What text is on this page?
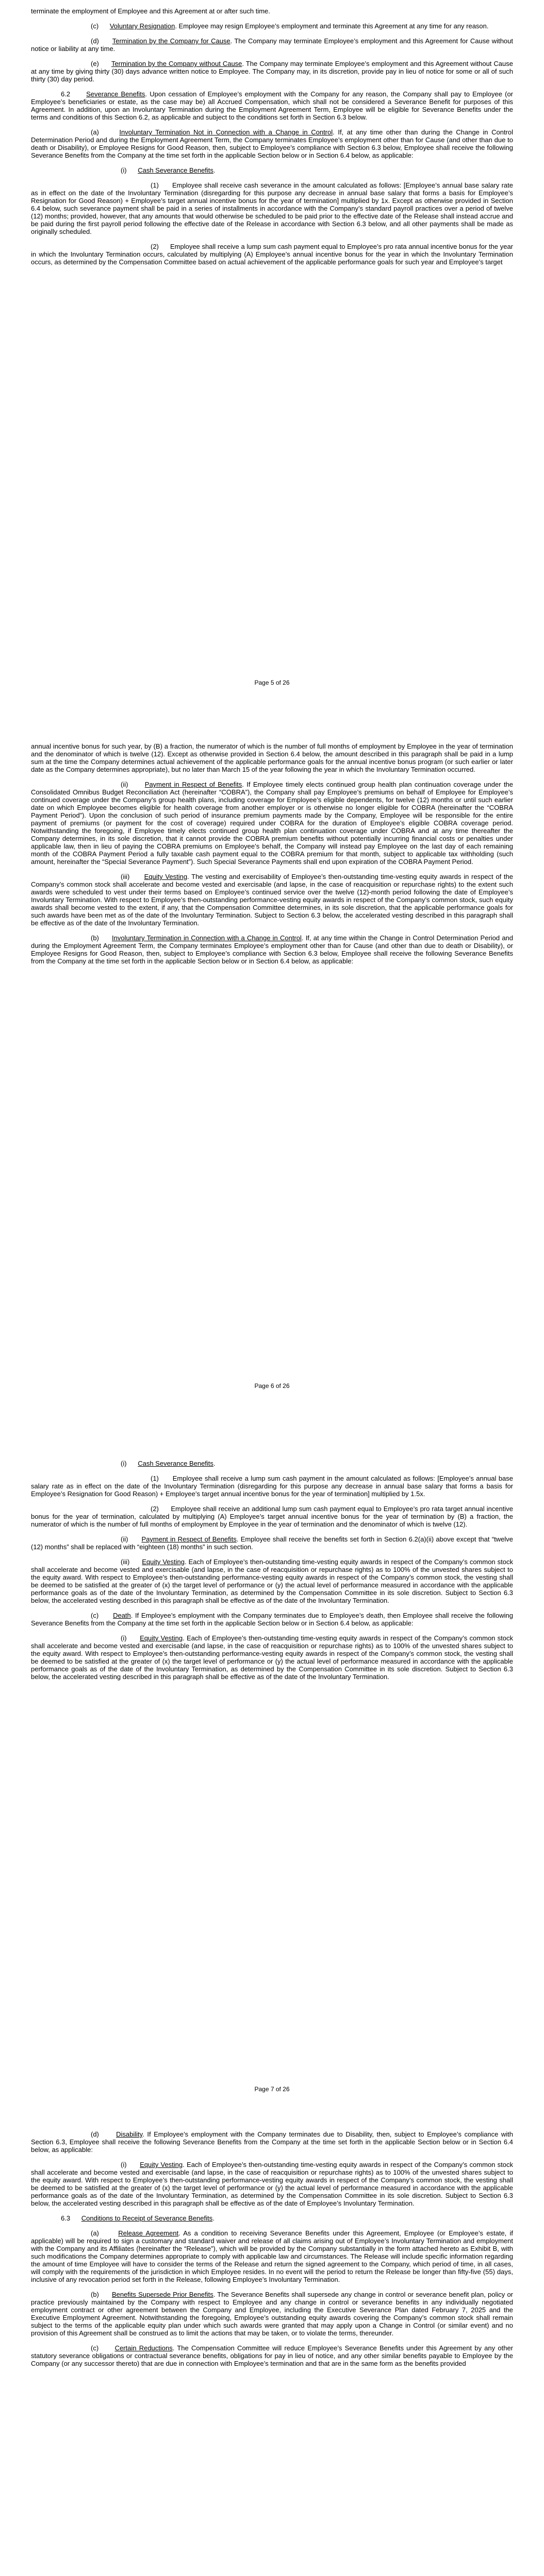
terminate the employment of Employee and this Agreement at or after such time.

(c) Voluntary Resignation. Employee may resign Employee’s employment and terminate this Agreement at any time for any reason.

(d) Termination by the Company for Cause. The Company may terminate Employee’s employment and this Agreement for Cause without notice or liability at any time.

(e) Termination by the Company without Cause. The Company may terminate Employee’s employment and this Agreement without Cause at any time by giving thirty (30) days advance written notice to Employee. The Company may, in its discretion, provide pay in lieu of notice for some or all of such thirty (30) day period.

6.2 Severance Benefits. Upon cessation of Employee’s employment with the Company for any reason, the Company shall pay to Employee (or Employee’s beneficiaries or estate, as the case may be) all Accrued Compensation, which shall not be considered a Severance Benefit for purposes of this Agreement. In addition, upon an Involuntary Termination during the Employment Agreement Term, Employee will be eligible for Severance Benefits under the terms and conditions of this Section 6.2, as applicable and subject to the conditions set forth in Section 6.3 below.

(a)	Involuntary Termination Not in Connection with a Change in Control. If, at any time other than during the Change in Control Determination Period and during the Employment Agreement Term, the Company terminates Employee’s employment other than for Cause (and other than due to death or Disability), or Employee Resigns for Good Reason, then, subject to Employee’s compliance with Section 6.3 below, Employee shall receive the following Severance Benefits from the Company at the time set forth in the applicable Section below or in Section 6.4 below, as applicable:

(i) Cash Severance Benefits.

(1) Employee shall receive cash severance in the amount calculated as follows: [Employee’s annual base salary rate as in effect on the date of the Involuntary Termination (disregarding for this purpose any decrease in annual base salary that forms a basis for Employee’s Resignation for Good Reason) + Employee’s target annual incentive bonus for the year of termination] multiplied by 1x. Except as otherwise provided in Section 6.4 below, such severance payment shall be paid in a series of installments in accordance with the Company’s standard payroll practices over a period of twelve (12) months; provided, however, that any amounts that would otherwise be scheduled to be paid prior to the effective date of the Release shall instead accrue and be paid during the first payroll period following the effective date of the Release in accordance with Section 6.3 below, and all other payments shall be made as originally scheduled.

(2) Employee shall receive a lump sum cash payment equal to Employee’s pro rata annual incentive bonus for the year in which the Involuntary Termination occurs, calculated by multiplying (A) Employee’s annual incentive bonus for the year in which the Involuntary Termination occurs, as determined by the Compensation Committee based on actual achievement of the applicable performance goals for such year and Employee’s target

Page 5 of 26

annual incentive bonus for such year, by (B) a fraction, the numerator of which is the number of full months of employment by Employee in the year of termination and the denominator of which is twelve (12). Except as otherwise provided in Section 6.4 below, the amount described in this paragraph shall be paid in a lump sum at the time the Company determines actual achievement of the applicable performance goals for the annual incentive bonus program (or such earlier or later date as the Company determines appropriate), but no later than March 15 of the year following the year in which the Involuntary Termination occurred.

(ii) Payment in Respect of Benefits. If Employee timely elects continued group health plan continuation coverage under the Consolidated Omnibus Budget Reconciliation Act (hereinafter “COBRA”), the Company shall pay Employee’s premiums on behalf of Employee for Employee’s continued coverage under the Company’s group health plans, including coverage for Employee’s eligible dependents, for twelve (12) months or until such earlier date on which Employee becomes eligible for health coverage from another employer or is otherwise no longer eligible for COBRA (hereinafter the “COBRA Payment Period”). Upon the conclusion of such period of insurance premium payments made by the Company, Employee will be responsible for the entire payment of premiums (or payment for the cost of coverage) required under COBRA for the duration of Employee’s eligible COBRA coverage period. Notwithstanding the foregoing, if Employee timely elects continued group health plan continuation coverage under COBRA and at any time thereafter the Company determines, in its sole discretion, that it cannot provide the COBRA premium benefits without potentially incurring financial costs or penalties under applicable law, then in lieu of paying the COBRA premiums on Employee’s behalf, the Company will instead pay Employee on the last day of each remaining month of the COBRA Payment Period a fully taxable cash payment equal to the COBRA premium for that month, subject to applicable tax withholding (such amount, hereinafter the “Special Severance Payment”). Such Special Severance Payments shall end upon expiration of the COBRA Payment Period.

(iii) Equity Vesting. The vesting and exercisability of Employee’s then-outstanding time-vesting equity awards in respect of the Company’s common stock shall accelerate and become vested and exercisable (and lapse, in the case of reacquisition or repurchase rights) to the extent such awards were scheduled to vest under their terms based on Employee’s continued service over the twelve (12)-month period following the date of Employee’s Involuntary Termination. With respect to Employee’s then-outstanding performance-vesting equity awards in respect of the Company’s common stock, such equity awards shall become vested to the extent, if any, that the Compensation Committee determines, in its sole discretion, that the applicable performance goals for such awards have been met as of the date of the Involuntary Termination. Subject to Section 6.3 below, the accelerated vesting described in this paragraph shall be effective as of the date of the Involuntary Termination.

(b) Involuntary Termination in Connection with a Change in Control. If, at any time within the Change in Control Determination Period and during the Employment Agreement Term, the Company terminates Employee’s employment other than for Cause (and other than due to death or Disability), or Employee Resigns for Good Reason, then, subject to Employee’s compliance with Section 6.3 below, Employee shall receive the following Severance Benefits from the Company at the time set forth in the applicable Section below or in Section 6.4 below, as applicable:

Page 6 of 26

(i) Cash Severance Benefits.

(1) Employee shall receive a lump sum cash payment in the amount calculated as follows: [Employee’s annual base salary rate as in effect on the date of the Involuntary Termination (disregarding for this purpose any decrease in annual base salary that forms a basis for Employee’s Resignation for Good Reason) + Employee’s target annual incentive bonus for the year of termination] multiplied by 1.5x.

(2) Employee shall receive an additional lump sum cash payment equal to Employee’s pro rata target annual incentive bonus for the year of termination, calculated by multiplying (A) Employee’s target annual incentive bonus for the year of termination by (B) a fraction, the numerator of which is the number of full months of employment by Employee in the year of termination and the denominator of which is twelve (12).

(ii) Payment in Respect of Benefits. Employee shall receive the benefits set forth in Section 6.2(a)(ii) above except that “twelve (12) months” shall be replaced with “eighteen (18) months” in such section.

(iii) Equity Vesting. Each of Employee’s then-outstanding time-vesting equity awards in respect of the Company’s common stock shall accelerate and become vested and exercisable (and lapse, in the case of reacquisition or repurchase rights) as to 100% of the unvested shares subject to the equity award. With respect to Employee’s then-outstanding performance-vesting equity awards in respect of the Company’s common stock, the vesting shall be deemed to be satisfied at the greater of (x) the target level of performance or (y) the actual level of performance measured in accordance with the applicable performance goals as of the date of the Involuntary Termination, as determined by the Compensation Committee in its sole discretion. Subject to Section 6.3 below, the accelerated vesting described in this paragraph shall be effective as of the date of the Involuntary Termination.

(c) Death. If Employee’s employment with the Company terminates due to Employee’s death, then Employee shall receive the following Severance Benefits from the Company at the time set forth in the applicable Section below or in Section 6.4 below, as applicable:

(i) Equity Vesting. Each of Employee’s then-outstanding time-vesting equity awards in respect of the Company’s common stock shall accelerate and become vested and exercisable (and lapse, in the case of reacquisition or repurchase rights) as to 100% of the unvested shares subject to the equity award. With respect to Employee’s then-outstanding performance-vesting equity awards in respect of the Company’s common stock, the vesting shall be deemed to be satisfied at the greater of (x) the target level of performance or (y) the actual level of performance measured in accordance with the applicable performance goals as of the date of the Involuntary Termination, as determined by the Compensation Committee in its sole discretion. Subject to Section 6.3 below, the accelerated vesting described in this paragraph shall be effective as of the date of the Involuntary Termination.

Page 7 of 26

(d)	Disability. If Employee’s employment with the Company terminates due to Disability, then, subject to Employee’s compliance with Section 6.3, Employee shall receive the following Severance Benefits from the Company at the time set forth in the applicable Section below or in Section 6.4 below, as applicable:

(i) Equity Vesting. Each of Employee’s then-outstanding time-vesting equity awards in respect of the Company’s common stock shall accelerate and become vested and exercisable (and lapse, in the case of reacquisition or repurchase rights) as to 100% of the unvested shares subject to the equity award. With respect to Employee’s then-outstanding performance-vesting equity awards in respect of the Company’s common stock, the vesting shall be deemed to be satisfied at the greater of (x) the target level of performance or (y) the actual level of performance measured in accordance with the applicable performance goals as of the date of the Involuntary Termination, as determined by the Compensation Committee in its sole discretion. Subject to Section 6.3 below, the accelerated vesting described in this paragraph shall be effective as of the date of Employee’s Involuntary Termination.

6.3 Conditions to Receipt of Severance Benefits.

(a)	Release Agreement. As a condition to receiving Severance Benefits under this Agreement, Employee (or Employee’s estate, if applicable) will be required to sign a customary and standard waiver and release of all claims arising out of Employee’s Involuntary Termination and employment with the Company and its Affiliates (hereinafter the “Release”), which will be provided by the Company substantially in the form attached hereto as Exhibit B, with such modifications the Company determines appropriate to comply with applicable law and circumstances. The Release will include specific information regarding the amount of time Employee will have to consider the terms of the Release and return the signed agreement to the Company, which period of time, in all cases, will comply with the requirements of the jurisdiction in which Employee resides. In no event will the period to return the Release be longer than fifty-five (55) days, inclusive of any revocation period set forth in the Release, following Employee’s Involuntary Termination.

(b) Benefits Supersede Prior Benefits. The Severance Benefits shall supersede any change in control or severance benefit plan, policy or practice previously maintained by the Company with respect to Employee and any change in control or severance benefits in any individually negotiated employment contract or other agreement between the Company and Employee, including the Executive Severance Plan dated February 7, 2025 and the Executive Employment Agreement. Notwithstanding the foregoing, Employee’s outstanding equity awards covering the Company’s common stock shall remain subject to the terms of the applicable equity plan under which such awards were granted that may apply upon a Change in Control (or similar event) and no provision of this Agreement shall be construed as to limit the actions that may be taken, or to violate the terms, thereunder.

(c) Certain Reductions. The Compensation Committee will reduce Employee’s Severance Benefits under this Agreement by any other statutory severance obligations or contractual severance benefits, obligations for pay in lieu of notice, and any other similar benefits payable to Employee by the Company (or any successor thereto) that are due in connection with Employee’s termination and that are in the same form as the benefits provided
